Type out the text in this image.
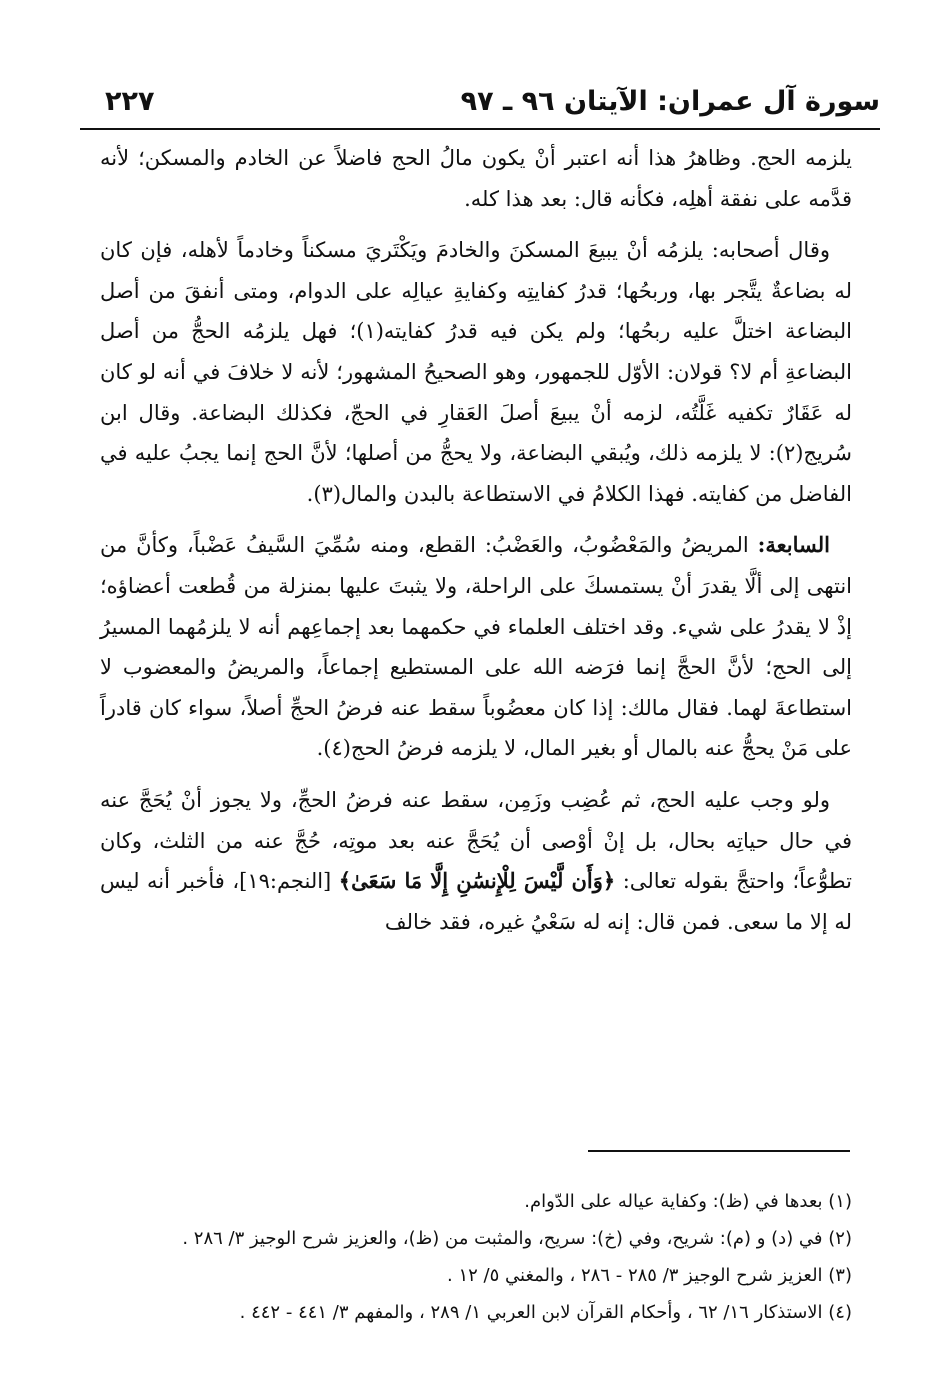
سورة آل عمران: الآيتان ٩٦ ـ ٩٧
٢٢٧

يلزمه الحج. وظاهرُ هذا أنه اعتبر أنْ يكون مالُ الحج فاضلاً عن الخادم والمسكن؛ لأنه قدَّمه على نفقة أهلِه، فكأنه قال: بعد هذا كله.

وقال أصحابه: يلزمُه أنْ يبيعَ المسكنَ والخادمَ ويَكْتَريَ مسكناً وخادماً لأهله، فإن كان له بضاعةٌ يتَّجر بها، وربحُها؛ قدرُ كفايتِه وكفايةِ عيالِه على الدوام، ومتى أنفقَ من أصل البضاعة اختلَّ عليه ربحُها؛ ولم يكن فيه قدرُ كفايته(١)؛ فهل يلزمُه الحجُّ من أصل البضاعةِ أم لا؟ قولان: الأوّل للجمهور، وهو الصحيحُ المشهور؛ لأنه لا خلافَ في أنه لو كان له عَقَارٌ تكفيه غَلَّتُه، لزمه أنْ يبيعَ أصلَ العَقارِ في الحجّ، فكذلك البضاعة. وقال ابن سُريج(٢): لا يلزمه ذلك، ويُبقي البضاعة، ولا يحجُّ من أصلها؛ لأنَّ الحج إنما يجبُ عليه في الفاضل من كفايته. فهذا الكلامُ في الاستطاعة بالبدن والمال(٣).

السابعة: المريضُ والمَعْضُوبُ، والعَضْبُ: القطع، ومنه سُمِّيَ السَّيفُ عَضْباً، وكأنَّ من انتهى إلى ألَّا يقدرَ أنْ يستمسكَ على الراحلة، ولا يثبتَ عليها بمنزلة من قُطعت أعضاؤه؛ إذْ لا يقدرُ على شيء. وقد اختلف العلماء في حكمهما بعد إجماعِهم أنه لا يلزمُهما المسيرُ إلى الحج؛ لأنَّ الحجَّ إنما فرَضه الله على المستطيع إجماعاً، والمريضُ والمعضوب لا استطاعةَ لهما. فقال مالك: إذا كان معضُوباً سقط عنه فرضُ الحجِّ أصلاً، سواء كان قادراً على مَنْ يحجُّ عنه بالمال أو بغير المال، لا يلزمه فرضُ الحج(٤).

ولو وجب عليه الحج، ثم عُضِب وزَمِن، سقط عنه فرضُ الحجِّ، ولا يجوز أنْ يُحَجَّ عنه في حال حياتِه بحال، بل إنْ أوْصى أن يُحَجَّ عنه بعد موتِه، حُجَّ عنه من الثلث، وكان تطوُّعاً؛ واحتجَّ بقوله تعالى: ﴿وَأَن لَّيْسَ لِلْإِنسَٰنِ إِلَّا مَا سَعَىٰ﴾ [النجم:١٩]، فأخبر أنه ليس له إلا ما سعى. فمن قال: إنه له سَعْيُ غيره، فقد خالف

(١) بعدها في (ظ): وكفاية عياله على الدّوام.

(٢) في (د) و (م): شريح، وفي (خ): سريح، والمثبت من (ظ)، والعزيز شرح الوجيز ٣/ ٢٨٦ .

(٣) العزيز شرح الوجيز ٣/ ٢٨٥ - ٢٨٦ ، والمغني ٥/ ١٢ .

(٤) الاستذكار ١٦/ ٦٢ ، وأحكام القرآن لابن العربي ١/ ٢٨٩ ، والمفهم ٣/ ٤٤١ - ٤٤٢ .
